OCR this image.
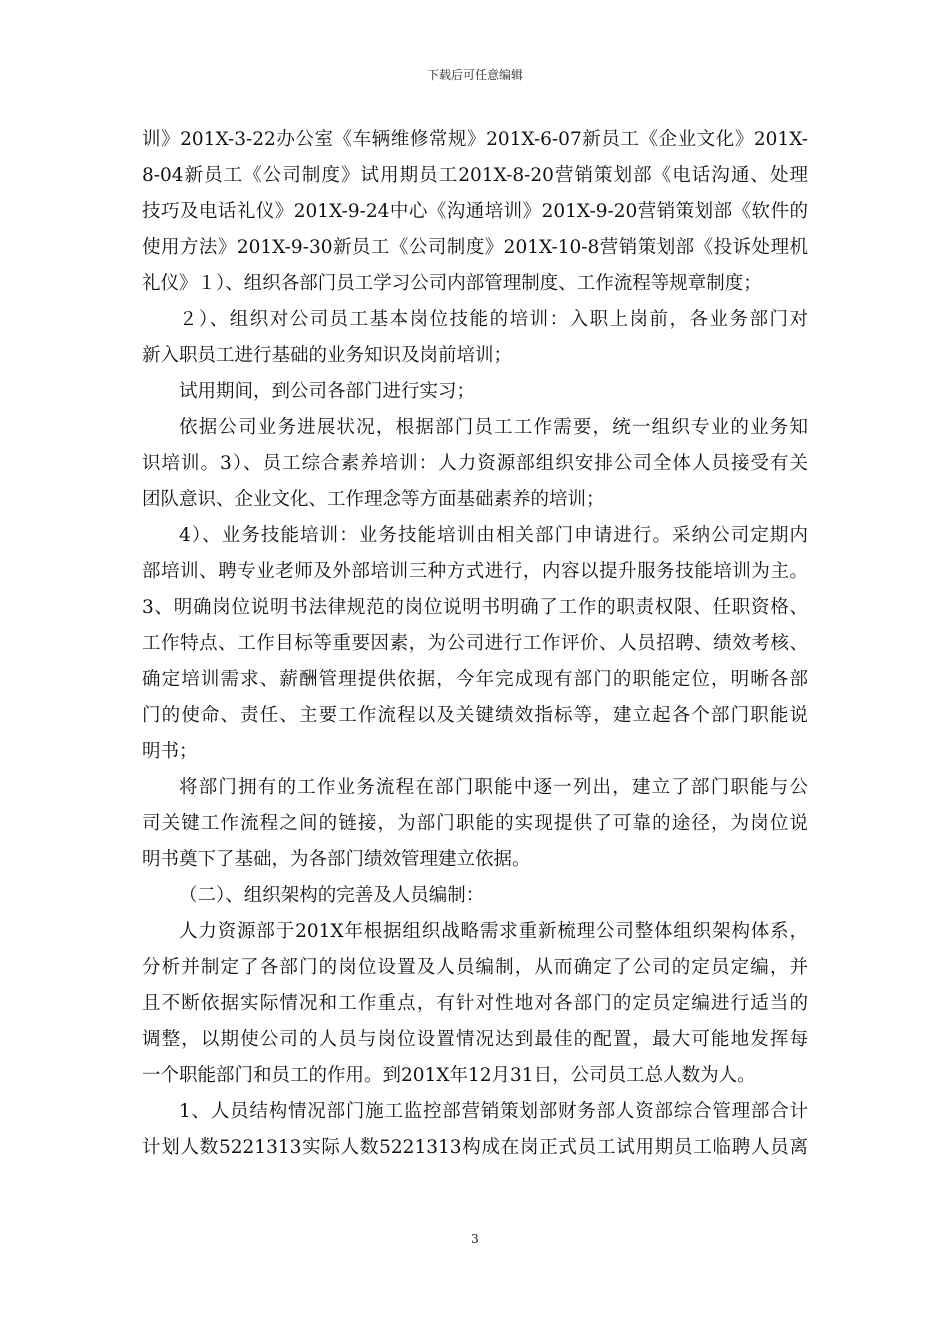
下载后可任意编辑

训》201X-3-22办公室《车辆维修常规》201X-6-07新员工《企业文化》201X-

8-04新员工《公司制度》试用期员工201X-8-20营销策划部《电话沟通、处理

技巧及电话礼仪》201X-9-24中心《沟通培训》201X-9-20营销策划部《软件的

使用方法》201X-9-30新员工《公司制度》201X-10-8营销策划部《投诉处理机

礼仪》１）、组织各部门员工学习公司内部管理制度、工作流程等规章制度；

２）、组织对公司员工基本岗位技能的培训：入职上岗前，各业务部门对

新入职员工进行基础的业务知识及岗前培训；

试用期间，到公司各部门进行实习；

依据公司业务进展状况，根据部门员工工作需要，统一组织专业的业务知

识培训。3）、员工综合素养培训：人力资源部组织安排公司全体人员接受有关

团队意识、企业文化、工作理念等方面基础素养的培训；

4）、业务技能培训：业务技能培训由相关部门申请进行。采纳公司定期内

部培训、聘专业老师及外部培训三种方式进行，内容以提升服务技能培训为主。

3、明确岗位说明书法律规范的岗位说明书明确了工作的职责权限、任职资格、

工作特点、工作目标等重要因素，为公司进行工作评价、人员招聘、绩效考核、

确定培训需求、薪酬管理提供依据，今年完成现有部门的职能定位，明晰各部

门的使命、责任、主要工作流程以及关键绩效指标等，建立起各个部门职能说

明书；

将部门拥有的工作业务流程在部门职能中逐一列出，建立了部门职能与公

司关键工作流程之间的链接，为部门职能的实现提供了可靠的途径，为岗位说

明书奠下了基础，为各部门绩效管理建立依据。

（二）、组织架构的完善及人员编制：

人力资源部于201X年根据组织战略需求重新梳理公司整体组织架构体系，

分析并制定了各部门的岗位设置及人员编制，从而确定了公司的定员定编，并

且不断依据实际情况和工作重点，有针对性地对各部门的定员定编进行适当的

调整，以期使公司的人员与岗位设置情况达到最佳的配置，最大可能地发挥每

一个职能部门和员工的作用。到201X年12月31日，公司员工总人数为人。

1、人员结构情况部门施工监控部营销策划部财务部人资部综合管理部合计

计划人数5221313实际人数5221313构成在岗正式员工试用期员工临聘人员离

3
